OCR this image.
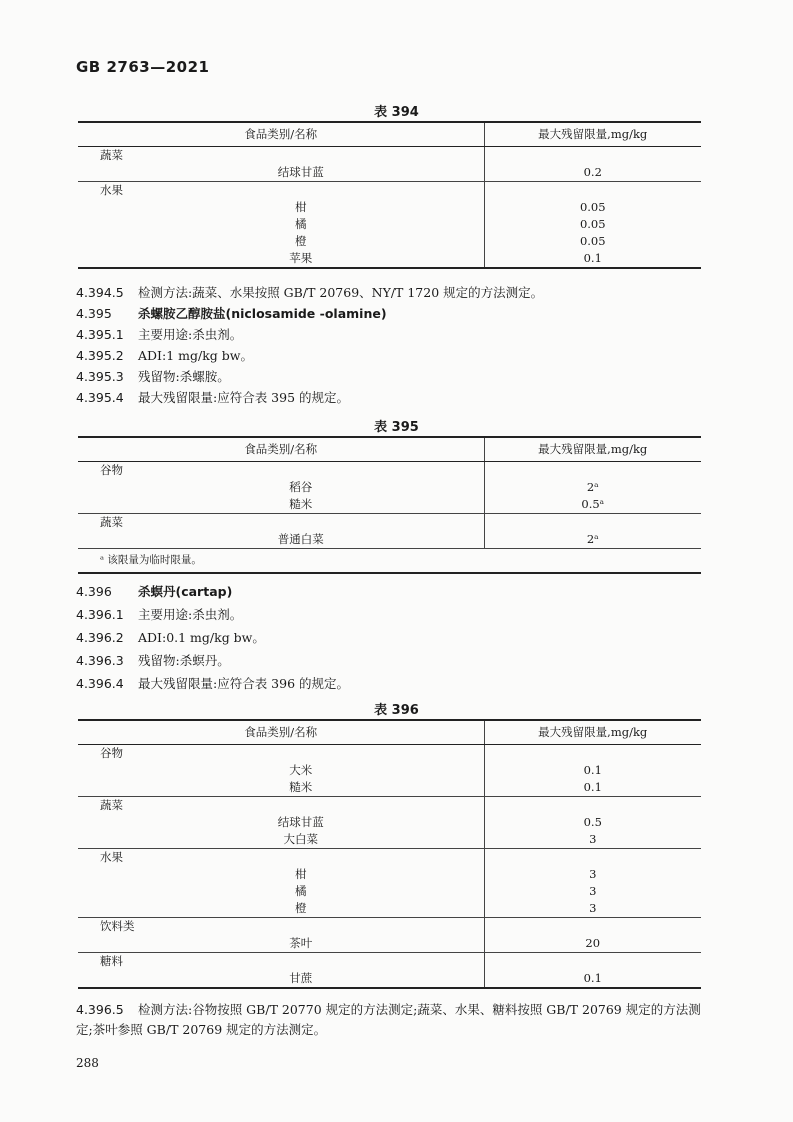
GB 2763—2021
表 394
食品类别/名称	最大残留限量,mg/kg
蔬菜	
结球甘蓝	0.2
水果	
柑	0.05
橘	0.05
橙	0.05
苹果	0.1
4.394.5 检测方法:蔬菜、水果按照 GB/T 20769、NY/T 1720 规定的方法测定。
4.395 杀螺胺乙醇胺盐(niclosamide -olamine)
4.395.1 主要用途:杀虫剂。
4.395.2 ADI:1 mg/kg bw。
4.395.3 残留物:杀螺胺。
4.395.4 最大残留限量:应符合表 395 的规定。
表 395
食品类别/名称	最大残留限量,mg/kg
谷物	
稻谷	2ᵃ
糙米	0.5ᵃ
蔬菜	
普通白菜	2ᵃ
ᵃ 该限量为临时限量。	
4.396 杀螟丹(cartap)
4.396.1 主要用途:杀虫剂。
4.396.2 ADI:0.1 mg/kg bw。
4.396.3 残留物:杀螟丹。
4.396.4 最大残留限量:应符合表 396 的规定。
表 396
食品类别/名称	最大残留限量,mg/kg
谷物	
大米	0.1
糙米	0.1
蔬菜	
结球甘蓝	0.5
大白菜	3
水果	
柑	3
橘	3
橙	3
饮料类	
茶叶	20
糖料	
甘蔗	0.1
4.396.5 检测方法:谷物按照 GB/T 20770 规定的方法测定;蔬菜、水果、糖料按照 GB/T 20769 规定的方法测定;茶叶参照 GB/T 20769 规定的方法测定。
288
